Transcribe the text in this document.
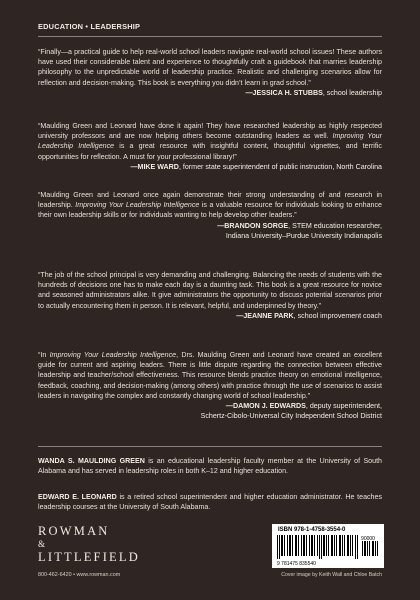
EDUCATION • LEADERSHIP
“Finally—a practical guide to help real-world school leaders navigate real-world school issues! These authors have used their considerable talent and experience to thoughtfully craft a guidebook that marries leadership philosophy to the unpredictable world of leadership practice. Realistic and challenging scenarios allow for reflection and decision-making. This book is everything you didn’t learn in grad school.”
—JESSICA H. STUBBS, school leadership
“Maulding Green and Leonard have done it again! They have researched leadership as highly respected university professors and are now helping others become outstanding leaders as well. Improving Your Leadership Intelligence is a great resource with insightful content, thoughtful vignettes, and terrific opportunities for reflection. A must for your professional library!”
—MIKE WARD, former state superintendent of public instruction, North Carolina
“Maulding Green and Leonard once again demonstrate their strong understanding of and research in leadership. Improving Your Leadership Intelligence is a valuable resource for individuals looking to enhance their own leadership skills or for individuals wanting to help develop other leaders.”
—BRANDON SORGE, STEM education researcher,
Indiana University–Purdue University Indianapolis
“The job of the school principal is very demanding and challenging. Balancing the needs of students with the hundreds of decisions one has to make each day is a daunting task. This book is a great resource for novice and seasoned administrators alike. It give administrators the opportunity to discuss potential scenarios prior to actually encountering them in person. It is relevant, helpful, and underpinned by theory.”
—JEANNE PARK, school improvement coach
“In Improving Your Leadership Intelligence, Drs. Maulding Green and Leonard have created an excellent guide for current and aspiring leaders. There is little dispute regarding the connection between effective leadership and teacher/school effectiveness. This resource blends practice theory on emotional intelligence, feedback, coaching, and decision-making (among others) with practice through the use of scenarios to assist leaders in navigating the complex and constantly changing world of school leadership.”
—DAMON J. EDWARDS, deputy superintendent,
Schertz-Cibolo-Universal City Independent School District
WANDA S. MAULDING GREEN is an educational leadership faculty member at the University of South Alabama and has served in leadership roles in both K–12 and higher education.
EDWARD E. LEONARD is a retired school superintendent and higher education administrator. He teaches leadership courses at the University of South Alabama.
ROWMAN
&
LITTLEFIELD
800-462-6420 • www.rowman.com
ISBN 978-1-4758-3554-0
90000
9 781475 835540
Cover image by Keith Wall and Chloe Batch
